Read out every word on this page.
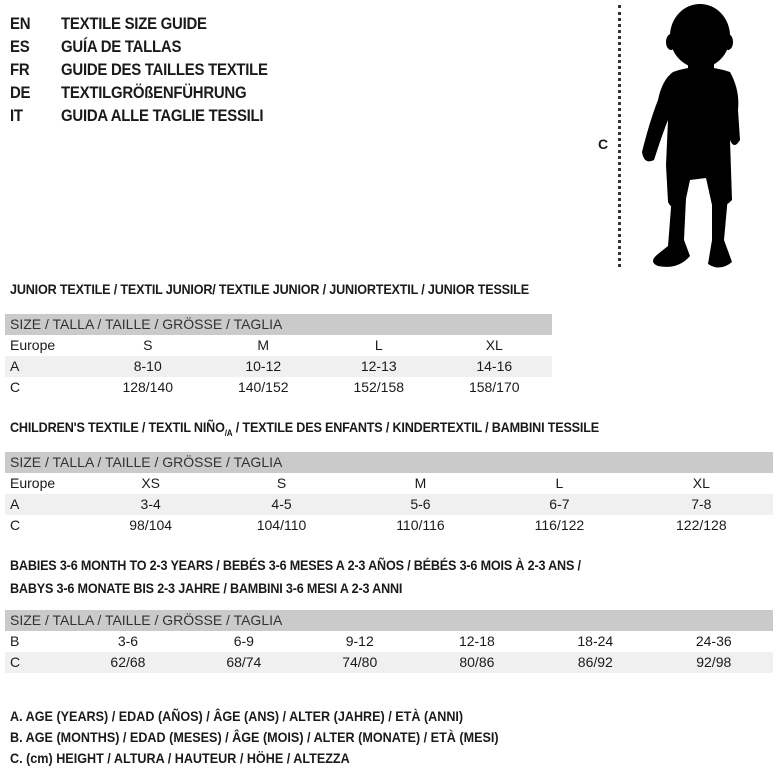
EN	TEXTILE SIZE GUIDE
ES	GUÍA DE TALLAS
FR	GUIDE DES TAILLES TEXTILE
DE	TEXTILGRÖßENFÜHRUNG
IT	GUIDA ALLE TAGLIE TESSILI
C
JUNIOR TEXTILE / TEXTIL JUNIOR/ TEXTILE JUNIOR / JUNIORTEXTIL / JUNIOR TESSILE
SIZE / TALLA / TAILLE / GRÖSSE / TAGLIA				
Europe	S	M	L	XL
A	8-10	10-12	12-13	14-16
C	128/140	140/152	152/158	158/170
CHILDREN'S TEXTILE / TEXTIL $NIÑO_{/A}$ / TEXTILE DES ENFANTS / KINDERTEXTIL / BAMBINI TESSILE
SIZE / TALLA / TAILLE / GRÖSSE / TAGLIA					
Europe	XS	S	M	L	XL
A	3-4	4-5	5-6	6-7	7-8
C	98/104	104/110	110/116	116/122	122/128
BABIES 3-6 MONTH TO 2-3 YEARS / BEBÉS 3-6 MESES A 2-3 AÑOS / BÉBÉS 3-6 MOIS À 2-3 ANS /
BABYS 3-6 MONATE BIS 2-3 JAHRE / BAMBINI 3-6 MESI A 2-3 ANNI
SIZE / TALLA / TAILLE / GRÖSSE / TAGLIA						
B	3-6	6-9	9-12	12-18	18-24	24-36
C	62/68	68/74	74/80	80/86	86/92	92/98
A. AGE (YEARS) / EDAD (AÑOS) / ÂGE (ANS) / ALTER (JAHRE) / ETÀ (ANNI)
B. AGE (MONTHS) / EDAD (MESES) / ÂGE (MOIS) / ALTER (MONATE) / ETÀ (MESI)
C. (cm) HEIGHT / ALTURA / HAUTEUR / HÖHE / ALTEZZA
